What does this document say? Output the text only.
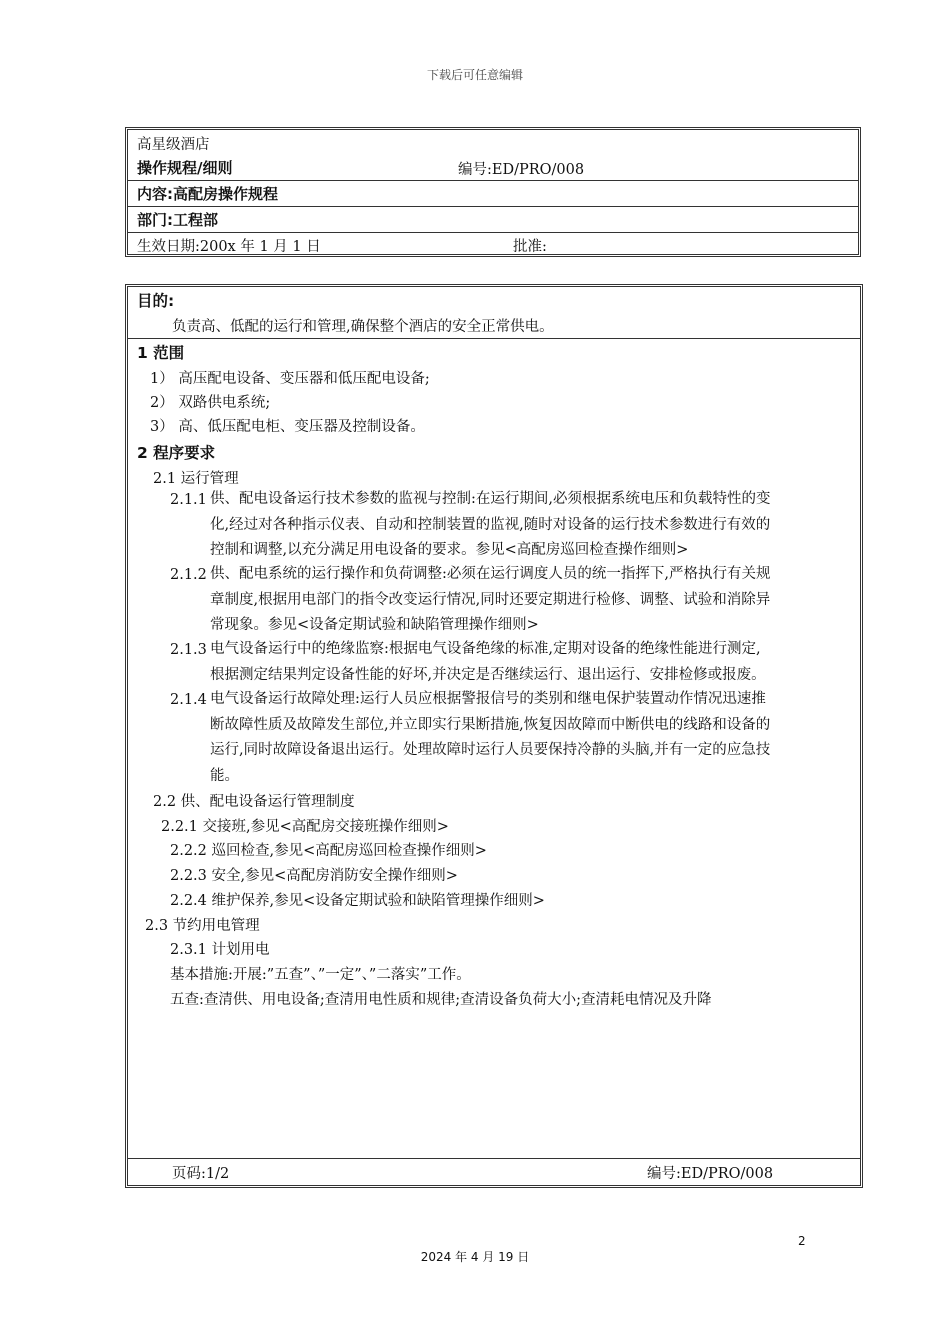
下载后可任意编辑
高星级酒店
操作规程/细则	编号:ED/PRO/008
内容:高配房操作规程
部门:工程部
生效日期:200x 年 1 月 1 日	批准:
目的:
负责高、低配的运行和管理,确保整个酒店的安全正常供电。
1 范围
1） 高压配电设备、变压器和低压配电设备;
2） 双路供电系统;
3） 高、低压配电柜、变压器及控制设备。
2 程序要求
2.1 运行管理
2.1.1 供、配电设备运行技术参数的监视与控制:在运行期间,必须根据系统电压和负载特性的变
化,经过对各种指示仪表、自动和控制装置的监视,随时对设备的运行技术参数进行有效的
控制和调整,以充分满足用电设备的要求。参见<高配房巡回检查操作细则>
2.1.2 供、配电系统的运行操作和负荷调整:必须在运行调度人员的统一指挥下,严格执行有关规
章制度,根据用电部门的指令改变运行情况,同时还要定期进行检修、调整、试验和消除异
常现象。参见<设备定期试验和缺陷管理操作细则>
2.1.3 电气设备运行中的绝缘监察:根据电气设备绝缘的标准,定期对设备的绝缘性能进行测定,
根据测定结果判定设备性能的好坏,并决定是否继续运行、退出运行、安排检修或报废。
2.1.4 电气设备运行故障处理:运行人员应根据警报信号的类别和继电保护装置动作情况迅速推
断故障性质及故障发生部位,并立即实行果断措施,恢复因故障而中断供电的线路和设备的
运行,同时故障设备退出运行。处理故障时运行人员要保持冷静的头脑,并有一定的应急技
能。
2.2 供、配电设备运行管理制度
2.2.1 交接班,参见<高配房交接班操作细则>
2.2.2 巡回检查,参见<高配房巡回检查操作细则>
2.2.3 安全,参见<高配房消防安全操作细则>
2.2.4 维护保养,参见<设备定期试验和缺陷管理操作细则>
2.3 节约用电管理
2.3.1 计划用电
基本措施:开展:”五查”、”一定”、”二落实”工作。
五查:查清供、用电设备;查清用电性质和规律;查清设备负荷大小;查清耗电情况及升降
页码:1/2	编号:ED/PRO/008
2
2024 年 4 月 19 日
